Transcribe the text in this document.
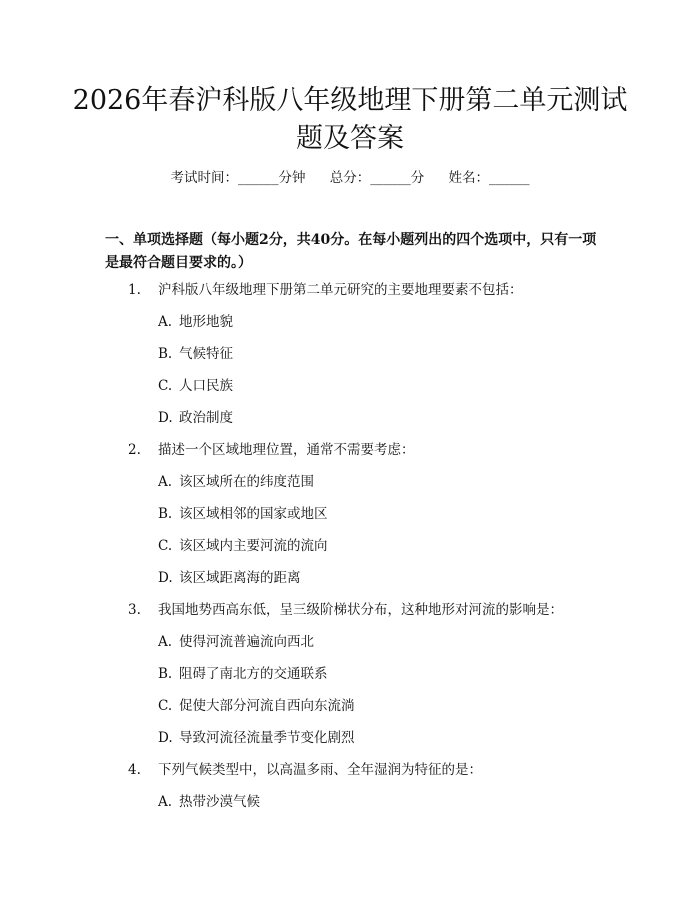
2026年春沪科版八年级地理下册第二单元测试题及答案
考试时间：______分钟 总分：______分 姓名：______
一、单项选择题（每小题2分，共40分。在每小题列出的四个选项中，只有一项是最符合题目要求的。）
1. 沪科版八年级地理下册第二单元研究的主要地理要素不包括：
A. 地形地貌
B. 气候特征
C. 人口民族
D. 政治制度
2. 描述一个区域地理位置，通常不需要考虑：
A. 该区域所在的纬度范围
B. 该区域相邻的国家或地区
C. 该区域内主要河流的流向
D. 该区域距离海的距离
3. 我国地势西高东低，呈三级阶梯状分布，这种地形对河流的影响是：
A. 使得河流普遍流向西北
B. 阻碍了南北方的交通联系
C. 促使大部分河流自西向东流淌
D. 导致河流径流量季节变化剧烈
4. 下列气候类型中，以高温多雨、全年湿润为特征的是：
A. 热带沙漠气候
